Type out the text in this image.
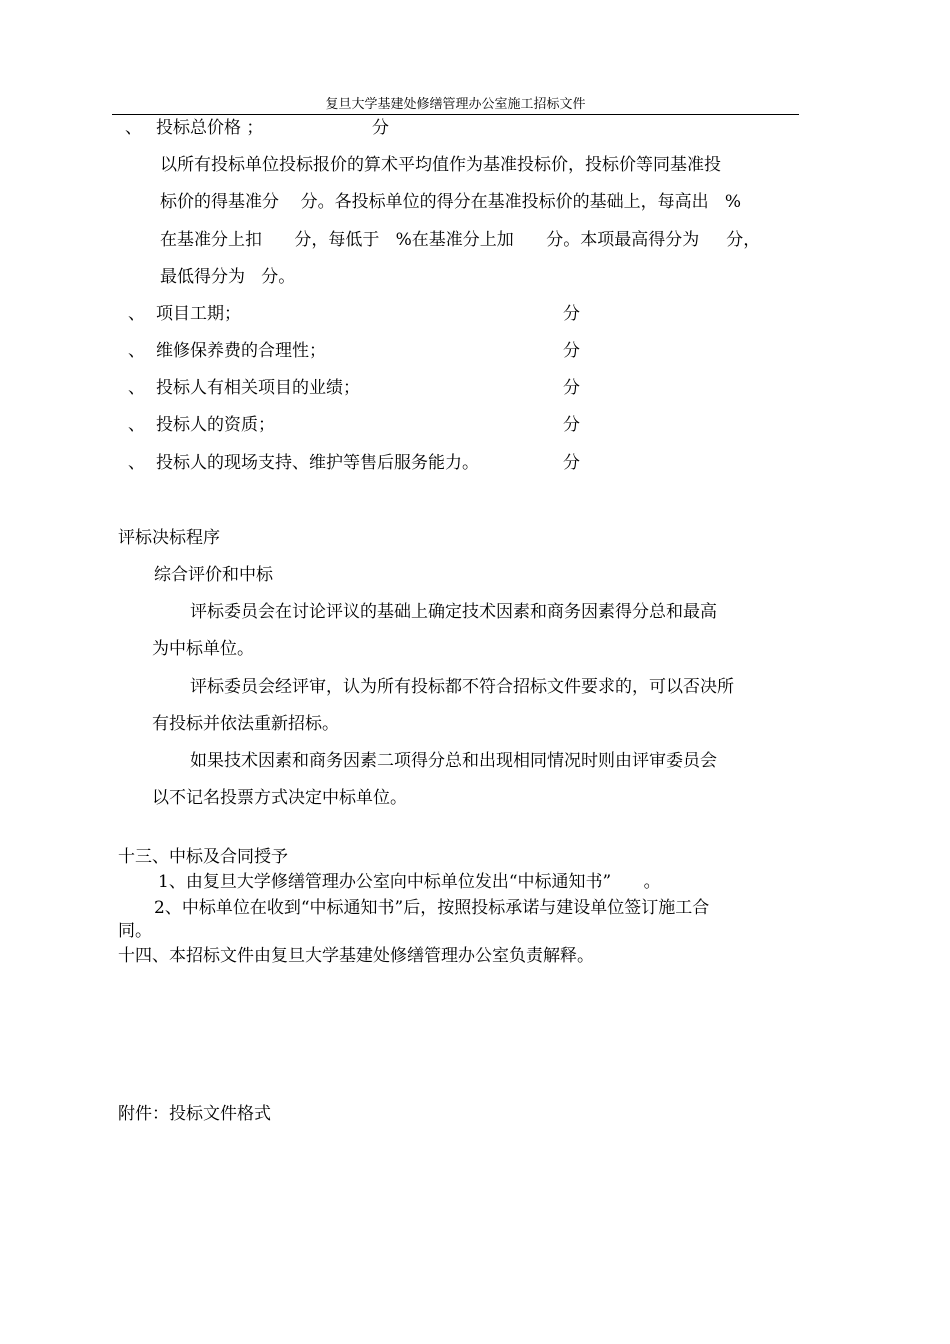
复旦大学基建处修缮管理办公室施工招标文件
、 投标总价格 ；	分
以所有投标单位投标报价的算术平均值作为基准投标价，投标价等同基准投
标价的得基准分    分。各投标单位的得分在基准投标价的基础上，每高出   %
在基准分上扣      分，每低于   %在基准分上加      分。本项最高得分为     分，
最低得分为   分。
、 项目工期；	分
、 维修保养费的合理性；	分
、 投标人有相关项目的业绩；	分
、 投标人的资质；	分
、 投标人的现场支持、维护等售后服务能力。	分
评标决标程序
综合评价和中标
评标委员会在讨论评议的基础上确定技术因素和商务因素得分总和最高
为中标单位。
评标委员会经评审，认为所有投标都不符合招标文件要求的，可以否决所
有投标并依法重新招标。
如果技术因素和商务因素二项得分总和出现相同情况时则由评审委员会
以不记名投票方式决定中标单位。
十三、中标及合同授予
1、由复旦大学修缮管理办公室向中标单位发出“中标通知书”      。
2、中标单位在收到“中标通知书”后，按照投标承诺与建设单位签订施工合
同。
十四、本招标文件由复旦大学基建处修缮管理办公室负责解释。
附件：投标文件格式
